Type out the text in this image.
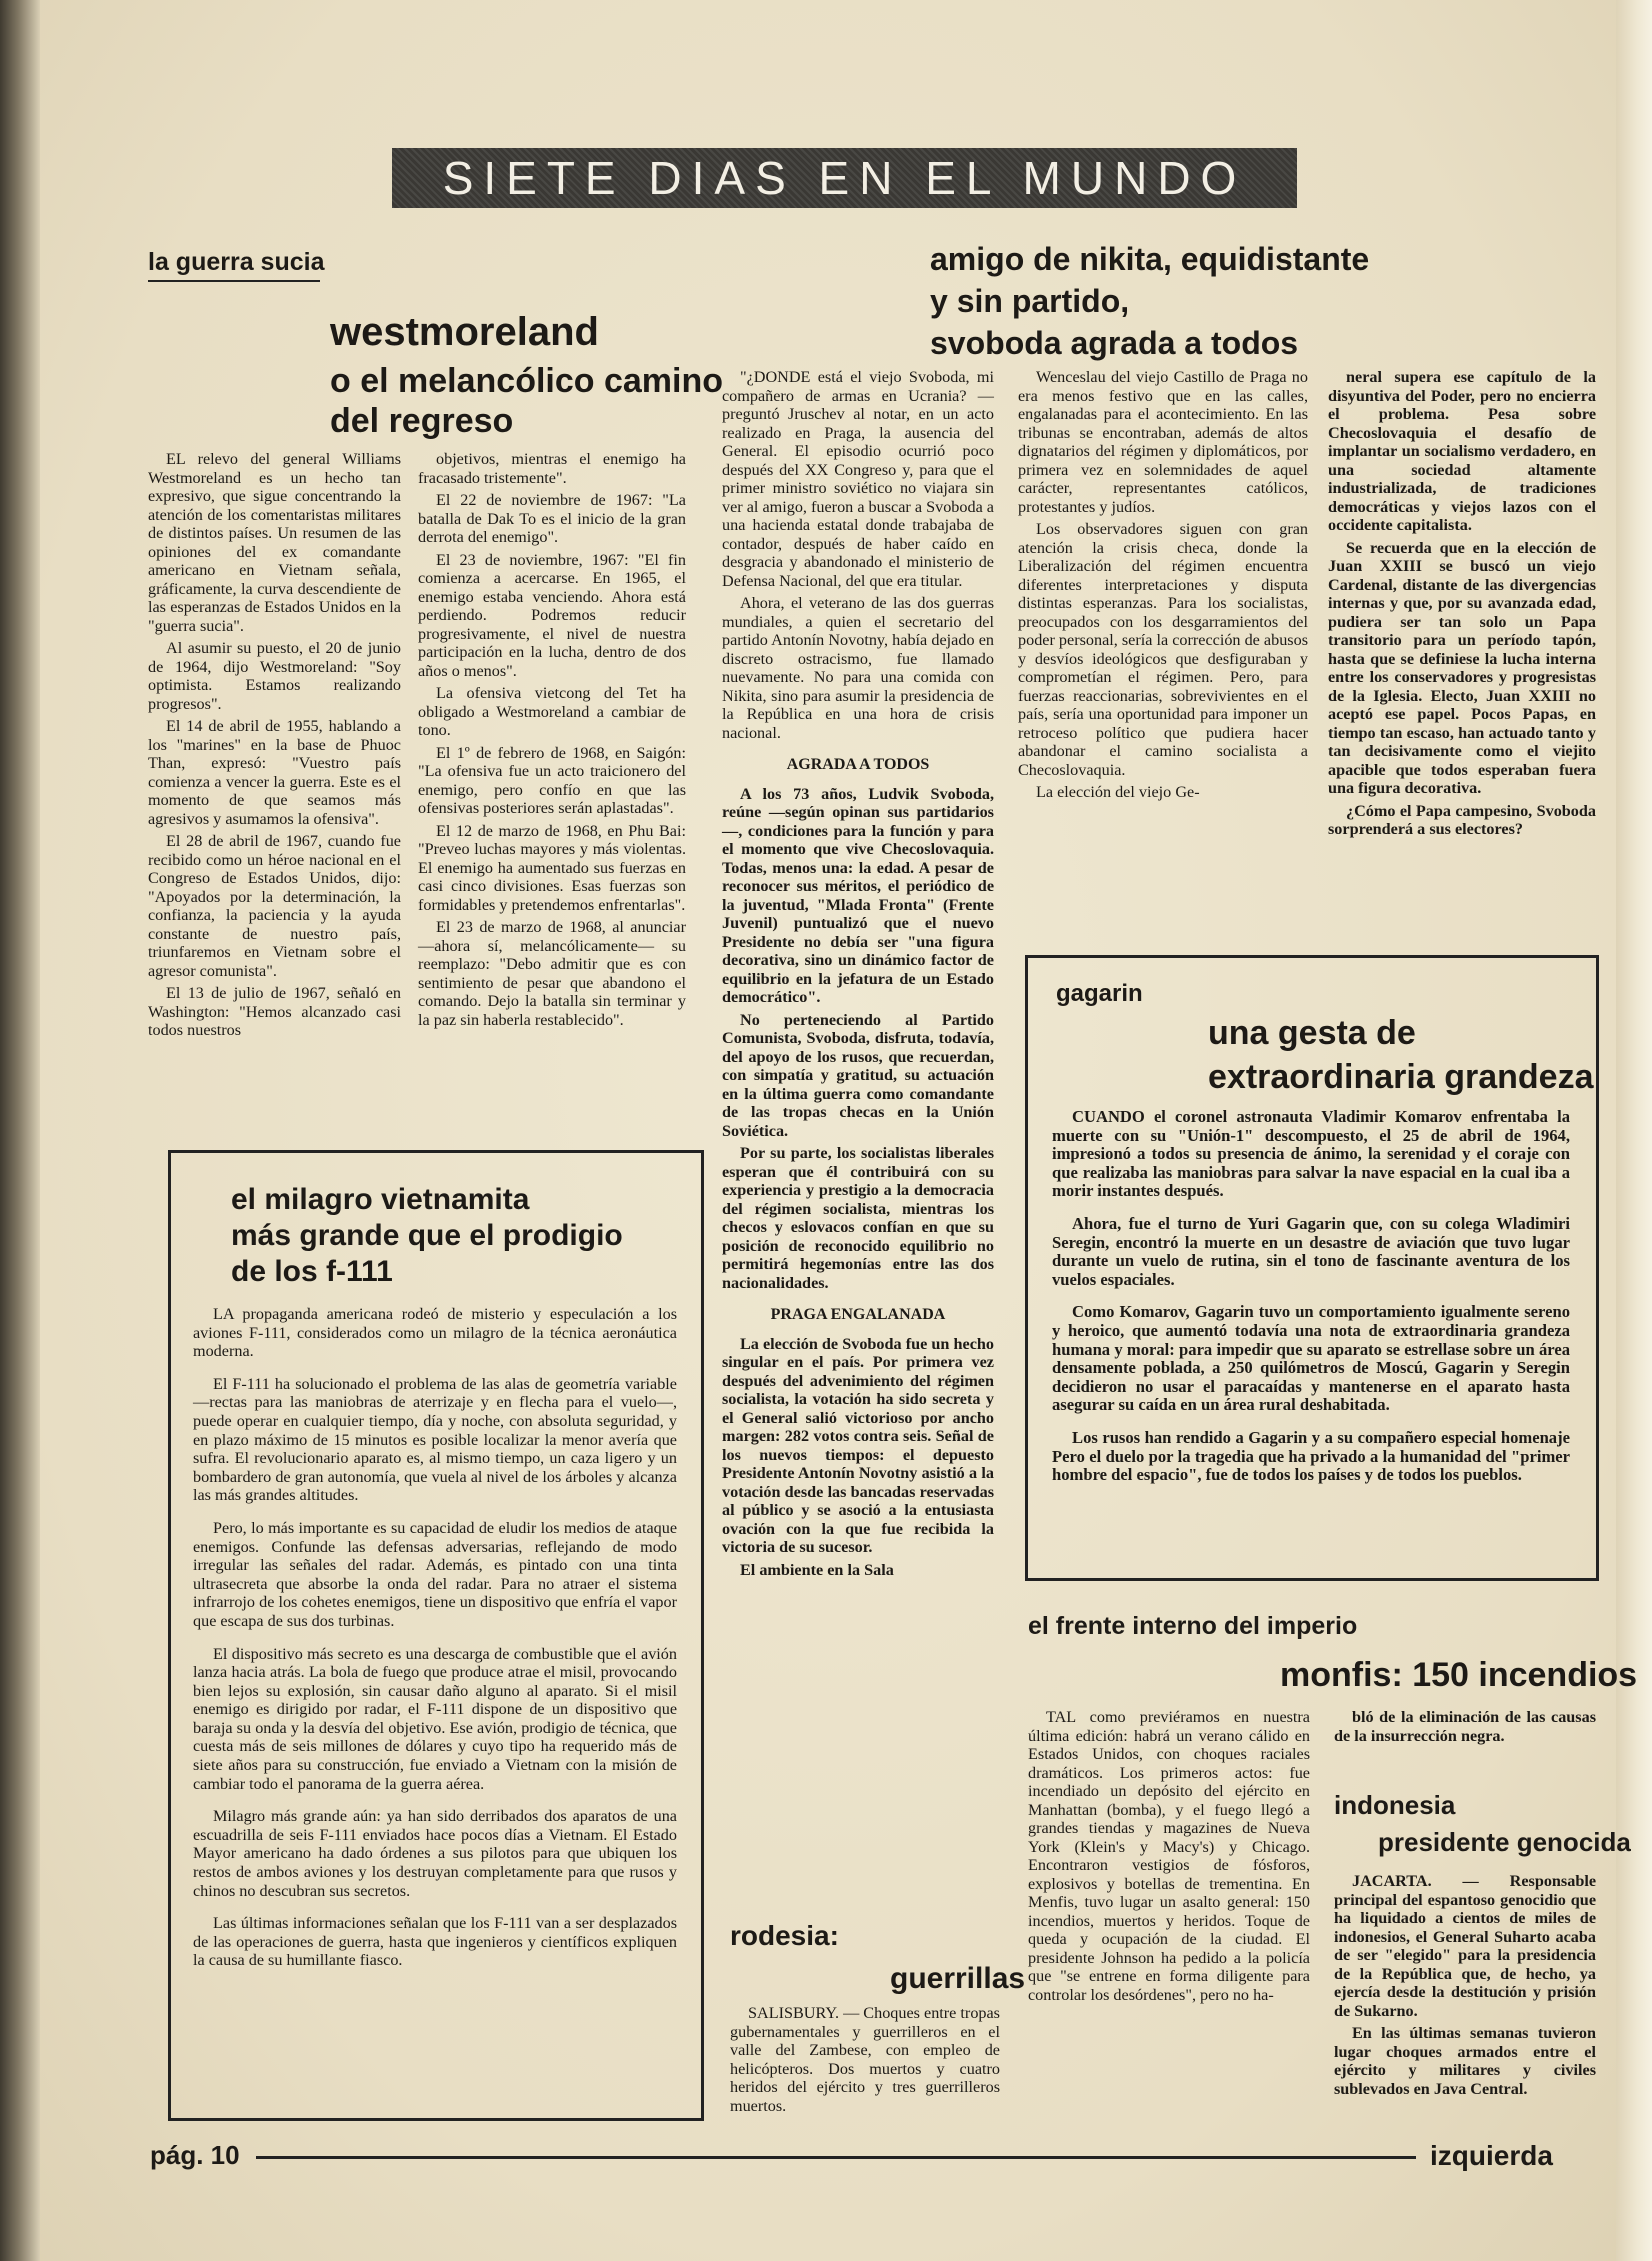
SIETE DIAS EN EL MUNDO
la guerra sucia
westmoreland
o el melancólico camino
del regreso

EL relevo del general Williams Westmoreland es un hecho tan expresivo, que sigue concentrando la atención de los comentaristas militares de distintos países. Un resumen de las opiniones del ex comandante americano en Vietnam señala, gráficamente, la curva descendiente de las esperanzas de Estados Unidos en la "guerra sucia".

Al asumir su puesto, el 20 de junio de 1964, dijo Westmoreland: "Soy optimista. Estamos realizando progresos".

El 14 de abril de 1955, hablando a los "marines" en la base de Phuoc Than, expresó: "Vuestro país comienza a vencer la guerra. Este es el momento de que seamos más agresivos y asumamos la ofensiva".

El 28 de abril de 1967, cuando fue recibido como un héroe nacional en el Congreso de Estados Unidos, dijo: "Apoyados por la determinación, la confianza, la paciencia y la ayuda constante de nuestro país, triunfaremos en Vietnam sobre el agresor comunista".

El 13 de julio de 1967, señaló en Washington: "Hemos alcanzado casi todos nuestros

objetivos, mientras el enemigo ha fracasado tristemente".

El 22 de noviembre de 1967: "La batalla de Dak To es el inicio de la gran derrota del enemigo".

El 23 de noviembre, 1967: "El fin comienza a acercarse. En 1965, el enemigo estaba venciendo. Ahora está perdiendo. Podremos reducir progresivamente, el nivel de nuestra participación en la lucha, dentro de dos años o menos".

La ofensiva vietcong del Tet ha obligado a Westmoreland a cambiar de tono.

El 1º de febrero de 1968, en Saigón: "La ofensiva fue un acto traicionero del enemigo, pero confío en que las ofensivas posteriores serán aplastadas".

El 12 de marzo de 1968, en Phu Bai: "Preveo luchas mayores y más violentas. El enemigo ha aumentado sus fuerzas en casi cinco divisiones. Esas fuerzas son formidables y pretendemos enfrentarlas".

El 23 de marzo de 1968, al anunciar —ahora sí, melancólicamente— su reemplazo: "Debo admitir que es con sentimiento de pesar que abandono el comando. Dejo la batalla sin terminar y la paz sin haberla restablecido".

el milagro vietnamita
más grande que el prodigio
de los f-111

LA propaganda americana rodeó de misterio y especulación a los aviones F-111, considerados como un milagro de la técnica aeronáutica moderna.

El F-111 ha solucionado el problema de las alas de geometría variable —rectas para las maniobras de aterrizaje y en flecha para el vuelo—, puede operar en cualquier tiempo, día y noche, con absoluta seguridad, y en plazo máximo de 15 minutos es posible localizar la menor avería que sufra. El revolucionario aparato es, al mismo tiempo, un caza ligero y un bombardero de gran autonomía, que vuela al nivel de los árboles y alcanza las más grandes altitudes.

Pero, lo más importante es su capacidad de eludir los medios de ataque enemigos. Confunde las defensas adversarias, reflejando de modo irregular las señales del radar. Además, es pintado con una tinta ultrasecreta que absorbe la onda del radar. Para no atraer el sistema infrarrojo de los cohetes enemigos, tiene un dispositivo que enfría el vapor que escapa de sus dos turbinas.

El dispositivo más secreto es una descarga de combustible que el avión lanza hacia atrás. La bola de fuego que produce atrae el misil, provocando bien lejos su explosión, sin causar daño alguno al aparato. Si el misil enemigo es dirigido por radar, el F-111 dispone de un dispositivo que baraja su onda y la desvía del objetivo. Ese avión, prodigio de técnica, que cuesta más de seis millones de dólares y cuyo tipo ha requerido más de siete años para su construcción, fue enviado a Vietnam con la misión de cambiar todo el panorama de la guerra aérea.

Milagro más grande aún: ya han sido derribados dos aparatos de una escuadrilla de seis F-111 enviados hace pocos días a Vietnam. El Estado Mayor americano ha dado órdenes a sus pilotos para que ubiquen los restos de ambos aviones y los destruyan completamente para que rusos y chinos no descubran sus secretos.

Las últimas informaciones señalan que los F-111 van a ser desplazados de las operaciones de guerra, hasta que ingenieros y científicos expliquen la causa de su humillante fiasco.

amigo de nikita, equidistante
y sin partido,
svoboda agrada a todos

"¿DONDE está el viejo Svoboda, mi compañero de armas en Ucrania? —preguntó Jruschev al notar, en un acto realizado en Praga, la ausencia del General. El episodio ocurrió poco después del XX Congreso y, para que el primer ministro soviético no viajara sin ver al amigo, fueron a buscar a Svoboda a una hacienda estatal donde trabajaba de contador, después de haber caído en desgracia y abandonado el ministerio de Defensa Nacional, del que era titular.

Ahora, el veterano de las dos guerras mundiales, a quien el secretario del partido Antonín Novotny, había dejado en discreto ostracismo, fue llamado nuevamente. No para una comida con Nikita, sino para asumir la presidencia de la República en una hora de crisis nacional.

AGRADA A TODOS

A los 73 años, Ludvik Svoboda, reúne —según opinan sus partidarios—, condiciones para la función y para el momento que vive Checoslovaquia. Todas, menos una: la edad. A pesar de reconocer sus méritos, el periódico de la juventud, "Mlada Fronta" (Frente Juvenil) puntualizó que el nuevo Presidente no debía ser "una figura decorativa, sino un dinámico factor de equilibrio en la jefatura de un Estado democrático".

No perteneciendo al Partido Comunista, Svoboda, disfruta, todavía, del apoyo de los rusos, que recuerdan, con simpatía y gratitud, su actuación en la última guerra como comandante de las tropas checas en la Unión Soviética.

Por su parte, los socialistas liberales esperan que él contribuirá con su experiencia y prestigio a la democracia del régimen socialista, mientras los checos y eslovacos confían en que su posición de reconocido equilibrio no permitirá hegemonías entre las dos nacionalidades.

PRAGA ENGALANADA

La elección de Svoboda fue un hecho singular en el país. Por primera vez después del advenimiento del régimen socialista, la votación ha sido secreta y el General salió victorioso por ancho margen: 282 votos contra seis. Señal de los nuevos tiempos: el depuesto Presidente Antonín Novotny asistió a la votación desde las bancadas reservadas al público y se asoció a la entusiasta ovación con la que fue recibida la victoria de su sucesor.

El ambiente en la Sala

Wenceslau del viejo Castillo de Praga no era menos festivo que en las calles, engalanadas para el acontecimiento. En las tribunas se encontraban, además de altos dignatarios del régimen y diplomáticos, por primera vez en solemnidades de aquel carácter, representantes católicos, protestantes y judíos.

Los observadores siguen con gran atención la crisis checa, donde la Liberalización del régimen encuentra diferentes interpretaciones y disputa distintas esperanzas. Para los socialistas, preocupados con los desgarramientos del poder personal, sería la corrección de abusos y desvíos ideológicos que desfiguraban y comprometían el régimen. Pero, para fuerzas reaccionarias, sobrevivientes en el país, sería una oportunidad para imponer un retroceso político que pudiera hacer abandonar el camino socialista a Checoslovaquia.

La elección del viejo Ge-

neral supera ese capítulo de la disyuntiva del Poder, pero no encierra el problema. Pesa sobre Checoslovaquia el desafío de implantar un socialismo verdadero, en una sociedad altamente industrializada, de tradiciones democráticas y viejos lazos con el occidente capitalista.

Se recuerda que en la elección de Juan XXIII se buscó un viejo Cardenal, distante de las divergencias internas y que, por su avanzada edad, pudiera ser tan solo un Papa transitorio para un período tapón, hasta que se definiese la lucha interna entre los conservadores y progresistas de la Iglesia. Electo, Juan XXIII no aceptó ese papel. Pocos Papas, en tiempo tan escaso, han actuado tanto y tan decisivamente como el viejito apacible que todos esperaban fuera una figura decorativa.

¿Cómo el Papa campesino, Svoboda sorprenderá a sus electores?

gagarin
una gesta de
extraordinaria grandeza

CUANDO el coronel astronauta Vladimir Komarov enfrentaba la muerte con su "Unión-1" descompuesto, el 25 de abril de 1964, impresionó a todos su presencia de ánimo, la serenidad y el coraje con que realizaba las maniobras para salvar la nave espacial en la cual iba a morir instantes después.

Ahora, fue el turno de Yuri Gagarin que, con su colega Wladimiri Seregin, encontró la muerte en un desastre de aviación que tuvo lugar durante un vuelo de rutina, sin el tono de fascinante aventura de los vuelos espaciales.

Como Komarov, Gagarin tuvo un comportamiento igualmente sereno y heroico, que aumentó todavía una nota de extraordinaria grandeza humana y moral: para impedir que su aparato se estrellase sobre un área densamente poblada, a 250 quilómetros de Moscú, Gagarin y Seregin decidieron no usar el paracaídas y mantenerse en el aparato hasta asegurar su caída en un área rural deshabitada.

Los rusos han rendido a Gagarin y a su compañero especial homenaje Pero el duelo por la tragedia que ha privado a la humanidad del "primer hombre del espacio", fue de todos los países y de todos los pueblos.

el frente interno del imperio
monfis: 150 incendios

TAL como previéramos en nuestra última edición: habrá un verano cálido en Estados Unidos, con choques raciales dramáticos. Los primeros actos: fue incendiado un depósito del ejército en Manhattan (bomba), y el fuego llegó a grandes tiendas y magazines de Nueva York (Klein's y Macy's) y Chicago. Encontraron vestigios de fósforos, explosivos y botellas de trementina. En Menfis, tuvo lugar un asalto general: 150 incendios, muertos y heridos. Toque de queda y ocupación de la ciudad. El presidente Johnson ha pedido a la policía que "se entrene en forma diligente para controlar los desórdenes", pero no ha-

bló de la eliminación de las causas de la insurrección negra.

indonesia
presidente genocida

JACARTA. — Responsable principal del espantoso genocidio que ha liquidado a cientos de miles de indonesios, el General Suharto acaba de ser "elegido" para la presidencia de la República que, de hecho, ya ejercía desde la destitución y prisión de Sukarno.

En las últimas semanas tuvieron lugar choques armados entre el ejército y militares y civiles sublevados en Java Central.

rodesia:
guerrillas

SALISBURY. — Choques entre tropas gubernamentales y guerrilleros en el valle del Zambese, con empleo de helicópteros. Dos muertos y cuatro heridos del ejército y tres guerrilleros muertos.

pág. 10	izquierda
